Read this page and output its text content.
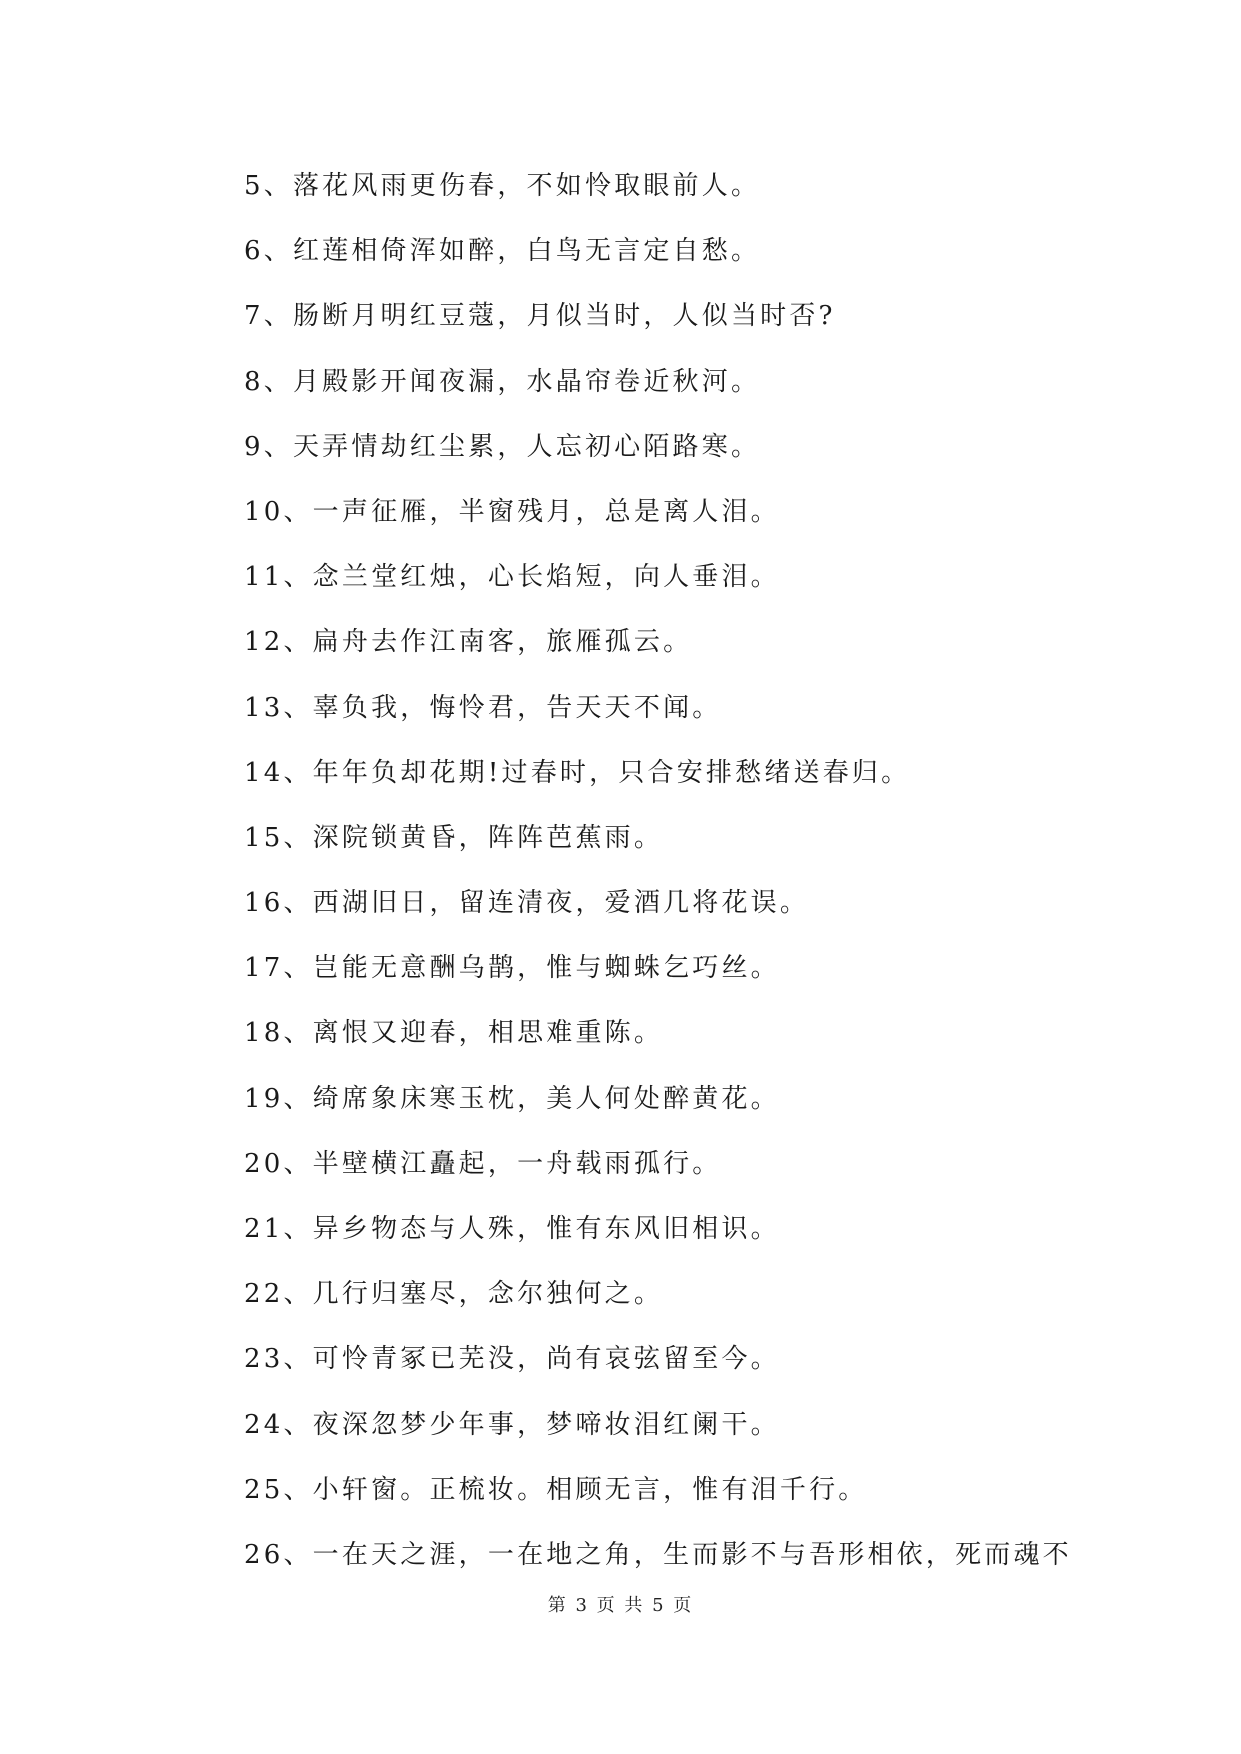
5、落花风雨更伤春，不如怜取眼前人。
6、红莲相倚浑如醉，白鸟无言定自愁。
7、肠断月明红豆蔻，月似当时，人似当时否?
8、月殿影开闻夜漏，水晶帘卷近秋河。
9、天弄情劫红尘累，人忘初心陌路寒。
10、一声征雁，半窗残月，总是离人泪。
11、念兰堂红烛，心长焰短，向人垂泪。
12、扁舟去作江南客，旅雁孤云。
13、辜负我，悔怜君，告天天不闻。
14、年年负却花期!过春时，只合安排愁绪送春归。
15、深院锁黄昏，阵阵芭蕉雨。
16、西湖旧日，留连清夜，爱酒几将花误。
17、岂能无意酬乌鹊，惟与蜘蛛乞巧丝。
18、离恨又迎春，相思难重陈。
19、绮席象床寒玉枕，美人何处醉黄花。
20、半壁横江矗起，一舟载雨孤行。
21、异乡物态与人殊，惟有东风旧相识。
22、几行归塞尽，念尔独何之。
23、可怜青冢已芜没，尚有哀弦留至今。
24、夜深忽梦少年事，梦啼妆泪红阑干。
25、小轩窗。正梳妆。相顾无言，惟有泪千行。
26、一在天之涯，一在地之角，生而影不与吾形相依，死而魂不
第 3 页 共 5 页
